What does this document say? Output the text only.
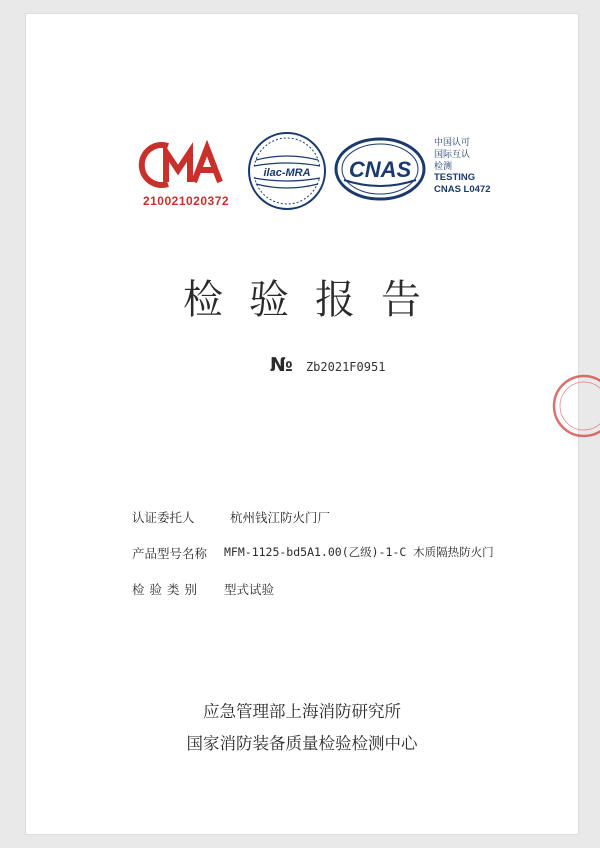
210021020372
ilac-MRA CNAS
中国认可
国际互认
检测
TESTING
CNAS L0472
检验报告
№ Zb2021F0951
认证委托人	杭州钱江防火门厂
产品型号名称 MFM-1125-bd5A1.00(乙级)-1-C 木质隔热防火门
检验类别 型式试验
应急管理部上海消防研究所
国家消防装备质量检验检测中心
